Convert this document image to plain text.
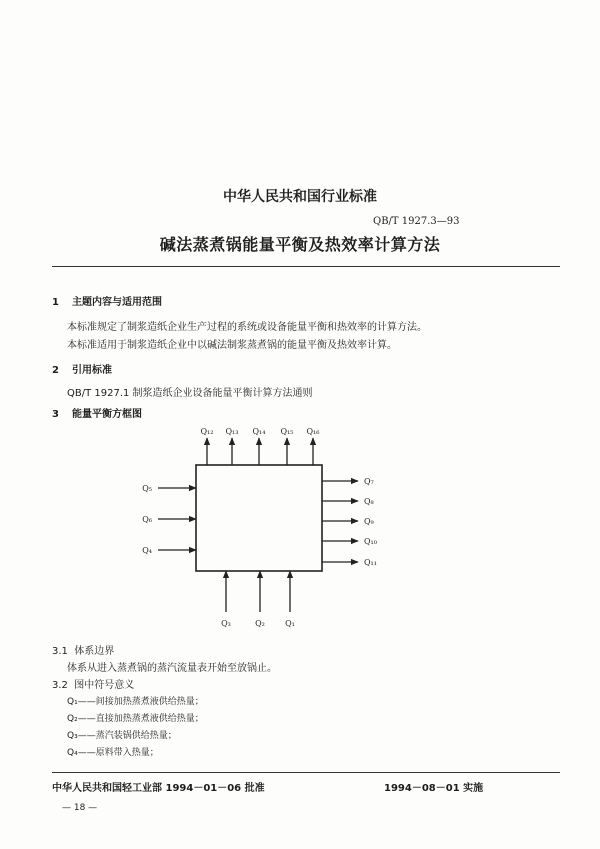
中华人民共和国行业标准
QB/T 1927.3—93
碱法蒸煮锅能量平衡及热效率计算方法
1 主题内容与适用范围
本标准规定了制浆造纸企业生产过程的系统或设备能量平衡和热效率的计算方法。
本标准适用于制浆造纸企业中以碱法制浆蒸煮锅的能量平衡及热效率计算。
2 引用标准
QB/T 1927.1 制浆造纸企业设备能量平衡计算方法通则
3 能量平衡方框图
Q₁₂ Q₁₃ Q₁₄ Q₁₅ Q₁₆
Q₅
Q₆
Q₄
Q₇
Q₈
Q₉
Q₁₀
Q₁₁
Q₃	Q₂	Q₁
3.1 体系边界
体系从进入蒸煮锅的蒸汽流量表开始至放锅止。
3.2 图中符号意义
Q₁——间接加热蒸煮液供给热量；
Q₂——直接加热蒸煮液供给热量；
Q₃——蒸汽装锅供给热量；
Q₄——原料带入热量；
中华人民共和国轻工业部 1994－01－06 批准	1994－08－01 实施
— 18 —
